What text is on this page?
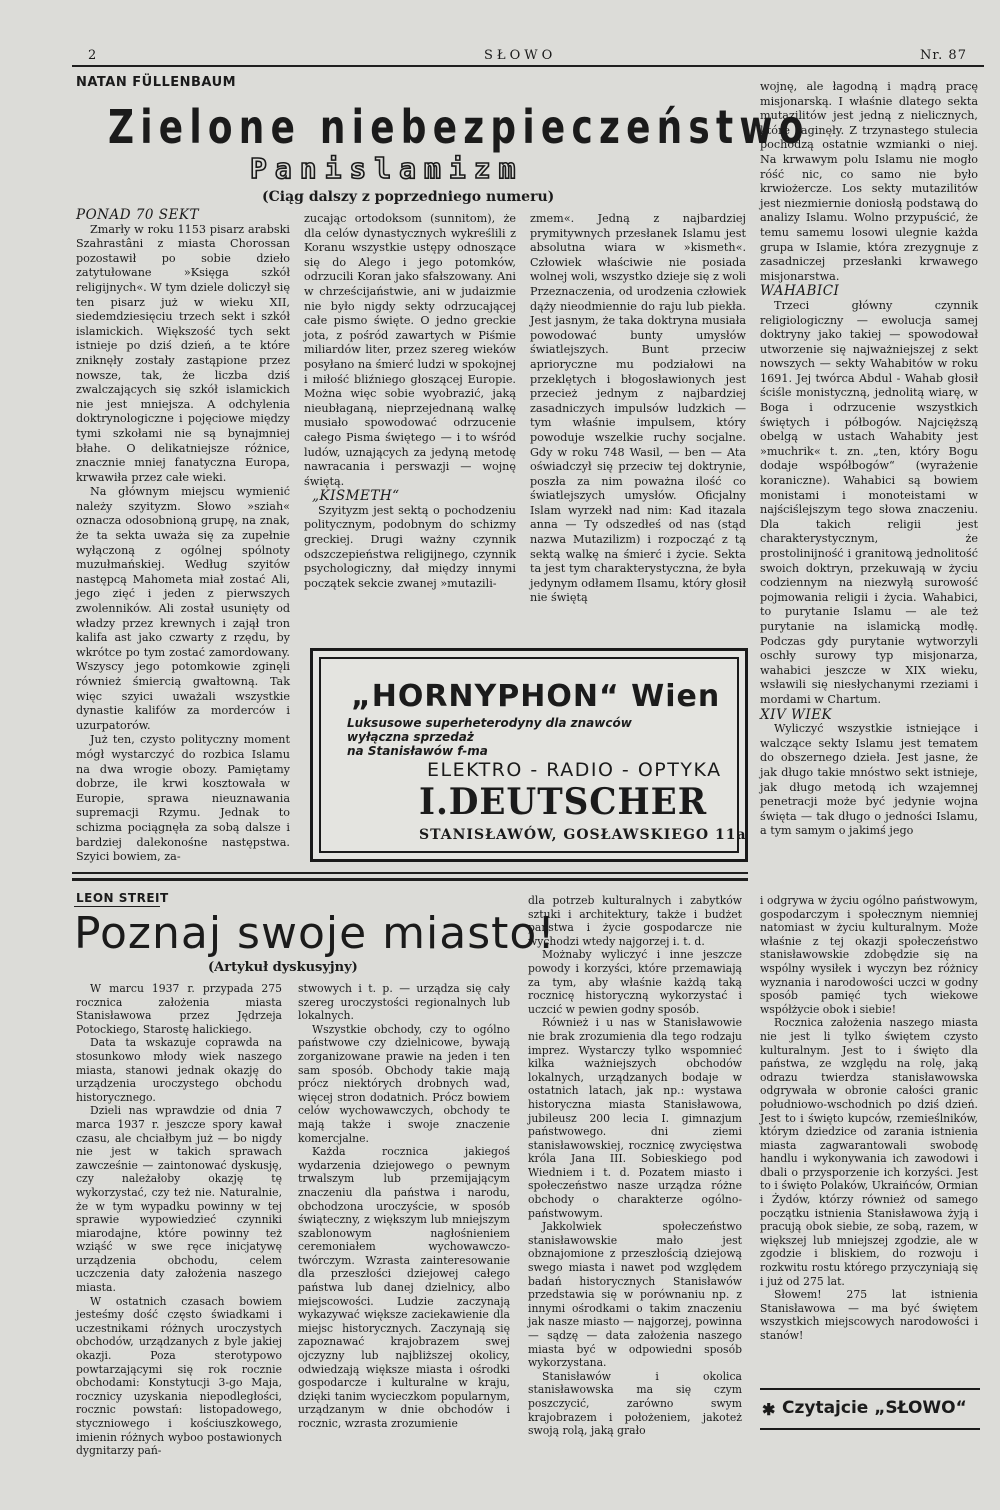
2	SŁOWO	Nr. 87
NATAN FÜLLENBAUM
Zielone niebezpieczeństwo
Panislamizm
(Ciąg dalszy z poprzedniego numeru)

PONAD 70 SEKT

Zmarły w roku 1153 pisarz arabski Szahrastâni z miasta Chorossan pozostawił po sobie dzieło zatytułowane »Księga szkół religijnych«. W tym dziele doliczył się ten pisarz już w wieku XII, siedemdziesięciu trzech sekt i szkół islamickich. Większość tych sekt istnieje po dziś dzień, a te które zniknęły zostały zastąpione przez nowsze, tak, że liczba dziś zwalczających się szkół islamickich nie jest mniejsza. A odchylenia doktrynologiczne i pojęciowe między tymi szkołami nie są bynajmniej błahe. O delikatniejsze różnice, znacznie mniej fanatyczna Europa, krwawiła przez całe wieki.

Na głównym miejscu wymienić należy szyityzm. Słowo »sziah« oznacza odosobnioną grupę, na znak, że ta sekta uważa się za zupełnie wyłączoną z ogólnej spólnoty muzułmańskiej. Według szyitów następcą Mahometa miał zostać Ali, jego zięć i jeden z pierwszych zwolenników. Ali został usunięty od władzy przez krewnych i zajął tron kalifa ast jako czwarty z rzędu, by wkrótce po tym zostać zamordowany. Wszyscy jego potomkowie zginęli również śmiercią gwałtowną. Tak więc szyici uważali wszystkie dynastie kalifów za morderców i uzurpatorów.

Już ten, czysto polityczny moment mógł wystarczyć do rozbica Islamu na dwa wrogie obozy. Pamiętamy dobrze, ile krwi kosztowała w Europie, sprawa nieuznawania supremacji Rzymu. Jednak to schizma pociągnęła za sobą dalsze i bardziej dalekonośne następstwa. Szyici bowiem, za-

zucając ortodoksom (sunnitom), że dla celów dynastycznych wykreślili z Koranu wszystkie ustępy odnoszące się do Alego i jego potomków, odrzucili Koran jako sfałszowany. Ani w chrześcijaństwie, ani w judaizmie nie było nigdy sekty odrzucającej całe pismo święte. O jedno greckie jota, z pośród zawartych w Piśmie miliardów liter, przez szereg wieków posyłano na śmierć ludzi w spokojnej i miłość bliźniego głoszącej Europie. Można więc sobie wyobrazić, jaką nieubłaganą, nieprzejednaną walkę musiało spowodować odrzucenie całego Pisma świętego — i to wśród ludów, uznających za jedyną metodę nawracania i perswazji — wojnę świętą.

„KISMETH“

Szyityzm jest sektą o pochodzeniu politycznym, podobnym do schizmy greckiej. Drugi ważny czynnik odszczepieństwa religijnego, czynnik psychologiczny, dał między innymi początek sekcie zwanej »mutazili-

zmem«. Jedną z najbardziej prymitywnych przesłanek Islamu jest absolutna wiara w »kismeth«. Człowiek właściwie nie posiada wolnej woli, wszystko dzieje się z woli Przeznaczenia, od urodzenia człowiek dąży nieodmiennie do raju lub piekła. Jest jasnym, że taka doktryna musiała powodować bunty umysłów światlejszych. Bunt przeciw aprioryczne mu podziałowi na przeklętych i błogosławionych jest przecież jednym z najbardziej zasadniczych impulsów ludzkich — tym właśnie impulsem, który powoduje wszelkie ruchy socjalne. Gdy w roku 748 Wasil, — ben — Ata oświadczył się przeciw tej doktrynie, poszła za nim poważna ilość co światlejszych umysłów. Oficjalny Islam wyrzekł nad nim: Kad itazala anna — Ty odszedłeś od nas (stąd nazwa Mutazilizm) i rozpocząć z tą sektą walkę na śmierć i życie. Sekta ta jest tym charakterystyczna, że była jedynym odłamem Ilsamu, który głosił nie świętą

wojnę, ale łagodną i mądrą pracę misjonarską. I właśnie dlatego sekta mutazilitów jest jedną z nielicznych, które zaginęły. Z trzynastego stulecia pochodzą ostatnie wzmianki o niej. Na krwawym polu Islamu nie mogło róść nic, co samo nie było krwiożercze. Los sekty mutazilitów jest niezmiernie doniosłą podstawą do analizy Islamu. Wolno przypuścić, że temu samemu losowi ulegnie każda grupa w Islamie, która zrezygnuje z zasadniczej przesłanki krwawego misjonarstwa.

WAHABICI

Trzeci główny czynnik religiologiczny — ewolucja samej doktryny jako takiej — spowodował utworzenie się najważniejszej z sekt nowszych — sekty Wahabitów w roku 1691. Jej twórca Abdul - Wahab głosił ściśle monistyczną, jednolitą wiarę, w Boga i odrzucenie wszystkich świętych i półbogów. Najcięższą obelgą w ustach Wahabity jest »muchrik« t. zn. „ten, który Bogu dodaje współbogów“ (wyrażenie koraniczne). Wahabici są bowiem monistami i monoteistami w najściślejszym tego słowa znaczeniu. Dla takich religii jest charakterystycznym, że prostolinijność i granitową jednolitość swoich doktryn, przekuwają w życiu codziennym na niezwyłą surowość pojmowania religii i życia. Wahabici, to purytanie Islamu — ale też purytanie na islamicką modłę. Podczas gdy purytanie wytworzyli oschły surowy typ misjonarza, wahabici jeszcze w XIX wieku, wsławili się niesłychanymi rzeziami i mordami w Chartum.

XIV WIEK

Wyliczyć wszystkie istniejące i walczące sekty Islamu jest tematem do obszernego dzieła. Jest jasne, że jak długo takie mnóstwo sekt istnieje, jak długo metodą ich wzajemnej penetracji może być jedynie wojna święta — tak długo o jedności Islamu, a tym samym o jakimś jego

„HORNYPHON“ Wien
Luksusowe superheterodyny dla znawców
wyłączna sprzedaż
na Stanisławów f-ma
ELEKTRO - RADIO - OPTYKA
I.DEUTSCHER
STANISŁAWÓW, GOSŁAWSKIEGO 11a
LEON STREIT
Poznaj swoje miasto!
(Artykuł dyskusyjny)

W marcu 1937 r. przypada 275 rocznica założenia miasta Stanisławowa przez Jędrzeja Potockiego, Starostę halickiego.

Data ta wskazuje coprawda na stosunkowo młody wiek naszego miasta, stanowi jednak okazję do urządzenia uroczystego obchodu historycznego.

Dzieli nas wprawdzie od dnia 7 marca 1937 r. jeszcze spory kawał czasu, ale chciałbym już — bo nigdy nie jest w takich sprawach zawcześnie — zaintonować dyskusję, czy należałoby okazję tę wykorzystać, czy też nie. Naturalnie, że w tym wypadku powinny w tej sprawie wypowiedzieć czynniki miarodajne, które powinny też wziąść w swe ręce inicjatywę urządzenia obchodu, celem uczczenia daty założenia naszego miasta.

W ostatnich czasach bowiem jesteśmy dość często świadkami i uczestnikami różnych uroczystych obchodów, urządzanych z byle jakiej okazji. Poza sterotypowo powtarzającymi się rok rocznie obchodami: Konstytucji 3-go Maja, rocznicy uzyskania niepodległości, rocznic powstań: listopadowego, styczniowego i kościuszkowego, imienin różnych wyboo postawionych dygnitarzy pań-

stwowych i t. p. — urządza się cały szereg uroczystości regionalnych lub lokalnych.

Wszystkie obchody, czy to ogólno państwowe czy dzielnicowe, bywają zorganizowane prawie na jeden i ten sam sposób. Obchody takie mają prócz niektórych drobnych wad, więcej stron dodatnich. Prócz bowiem celów wychowawczych, obchody te mają także i swoje znaczenie komercjalne.

Każda rocznica jakiegoś wydarzenia dziejowego o pewnym trwalszym lub przemijającym znaczeniu dla państwa i narodu, obchodzona uroczyście, w sposób świąteczny, z większym lub mniejszym szablonowym nagłośnieniem ceremoniałem wychowawczo-twórczym. Wzrasta zainteresowanie dla przeszłości dziejowej całego państwa lub danej dzielnicy, albo miejscowości. Ludzie zaczynają wykazywać większe zaciekawienie dla miejsc historycznych. Zaczynają się zapoznawać krajobrazem swej ojczyzny lub najbliższej okolicy, odwiedzają większe miasta i ośrodki gospodarcze i kulturalne w kraju, dzięki tanim wycieczkom popularnym, urządzanym w dnie obchodów i rocznic, wzrasta zrozumienie

dla potrzeb kulturalnych i zabytków sztuki i architektury, także i budżet państwa i życie gospodarcze nie wychodzi wtedy najgorzej i. t. d.

Możnaby wyliczyć i inne jeszcze powody i korzyści, które przemawiają za tym, aby właśnie każdą taką rocznicę historyczną wykorzystać i uczcić w pewien godny sposób.

Również i u nas w Stanisławowie nie brak zrozumienia dla tego rodzaju imprez. Wystarczy tylko wspomnieć kilka ważniejszych obchodów lokalnych, urządzanych bodaje w ostatnich latach, jak np.: wystawa historyczna miasta Stanisławowa, jubileusz 200 lecia I. gimnazjum państwowego. dni ziemi stanisławowskiej, rocznicę zwycięstwa króla Jana III. Sobieskiego pod Wiedniem i t. d. Pozatem miasto i społeczeństwo nasze urządza różne obchody o charakterze ogólno-państwowym.

Jakkolwiek społeczeństwo stanisławowskie mało jest obznajomione z przeszłością dziejową swego miasta i nawet pod względem badań historycznych Stanisławów przedstawia się w porównaniu np. z innymi ośrodkami o takim znaczeniu jak nasze miasto — najgorzej, powinna — sądzę — data założenia naszego miasta być w odpowiedni sposób wykorzystana.

Stanisławów i okolica stanisławowska ma się czym poszczycić, zarówno swym krajobrazem i położeniem, jakoteż swoją rolą, jaką grało

i odgrywa w życiu ogólno państwowym, gospodarczym i społecznym niemniej natomiast w życiu kulturalnym. Może właśnie z tej okazji społeczeństwo stanisławowskie zdobędzie się na wspólny wysiłek i wyczyn bez różnicy wyznania i narodowości uczci w godny sposób pamięć tych wiekowe współżycie obok i siebie!

Rocznica założenia naszego miasta nie jest li tylko świętem czysto kulturalnym. Jest to i święto dla państwa, ze względu na rolę, jaką odrazu twierdza stanisławowska odgrywała w obronie całości granic południowo-wschodnich po dziś dzień. Jest to i święto kupców, rzemieślników, którym dziedzice od zarania istnienia miasta zagwarantowali swobodę handlu i wykonywania ich zawodowi i dbali o przysporzenie ich korzyści. Jest to i święto Polaków, Ukraińców, Ormian i Żydów, którzy również od samego początku istnienia Stanisławowa żyją i pracują obok siebie, ze sobą, razem, w większej lub mniejszej zgodzie, ale w zgodzie i bliskiem, do rozwoju i rozkwitu rostu którego przyczyniają się i już od 275 lat.

Słowem! 275 lat istnienia Stanisławowa — ma być świętem wszystkich miejscowych narodowości i stanów!

✱ Czytajcie „SŁOWO“
